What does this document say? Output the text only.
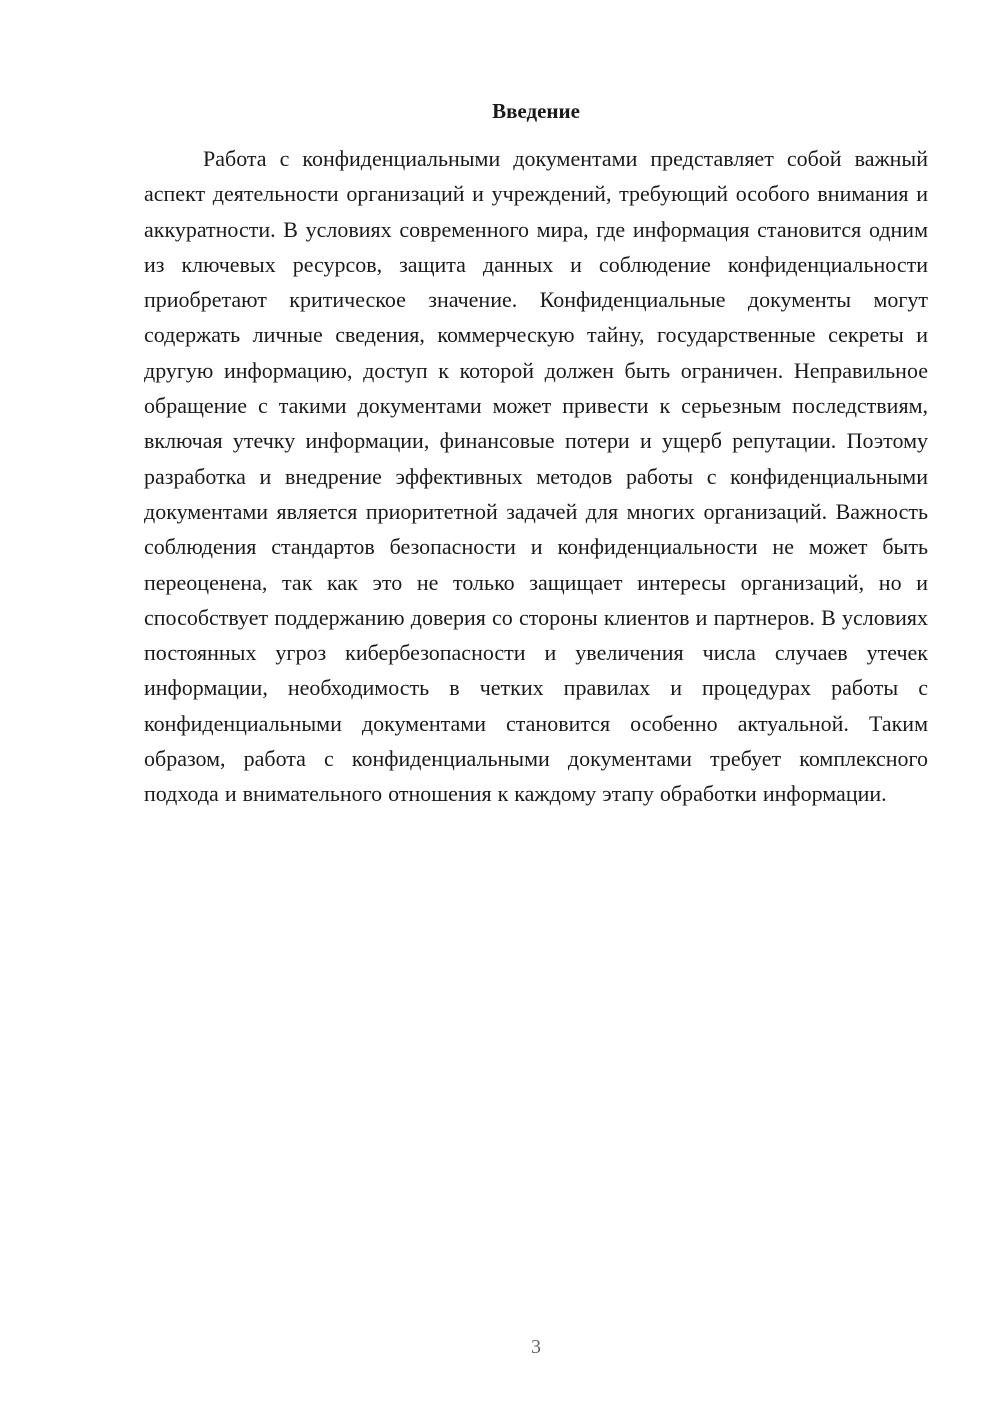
Введение

Работа с конфиденциальными документами представляет собой важный аспект деятельности организаций и учреждений, требующий особого внимания и аккуратности. В условиях современного мира, где информация становится одним из ключевых ресурсов, защита данных и соблюдение конфиденциальности приобретают критическое значение. Конфиденциальные документы могут содержать личные сведения, коммерческую тайну, государственные секреты и другую информацию, доступ к которой должен быть ограничен. Неправильное обращение с такими документами может привести к серьезным последствиям, включая утечку информации, финансовые потери и ущерб репутации. Поэтому разработка и внедрение эффективных методов работы с конфиденциальными документами является приоритетной задачей для многих организаций. Важность соблюдения стандартов безопасности и конфиденциальности не может быть переоценена, так как это не только защищает интересы организаций, но и способствует поддержанию доверия со стороны клиентов и партнеров. В условиях постоянных угроз кибербезопасности и увеличения числа случаев утечек информации, необходимость в четких правилах и процедурах работы с конфиденциальными документами становится особенно актуальной. Таким образом, работа с конфиденциальными документами требует комплексного подхода и внимательного отношения к каждому этапу обработки информации.

3
